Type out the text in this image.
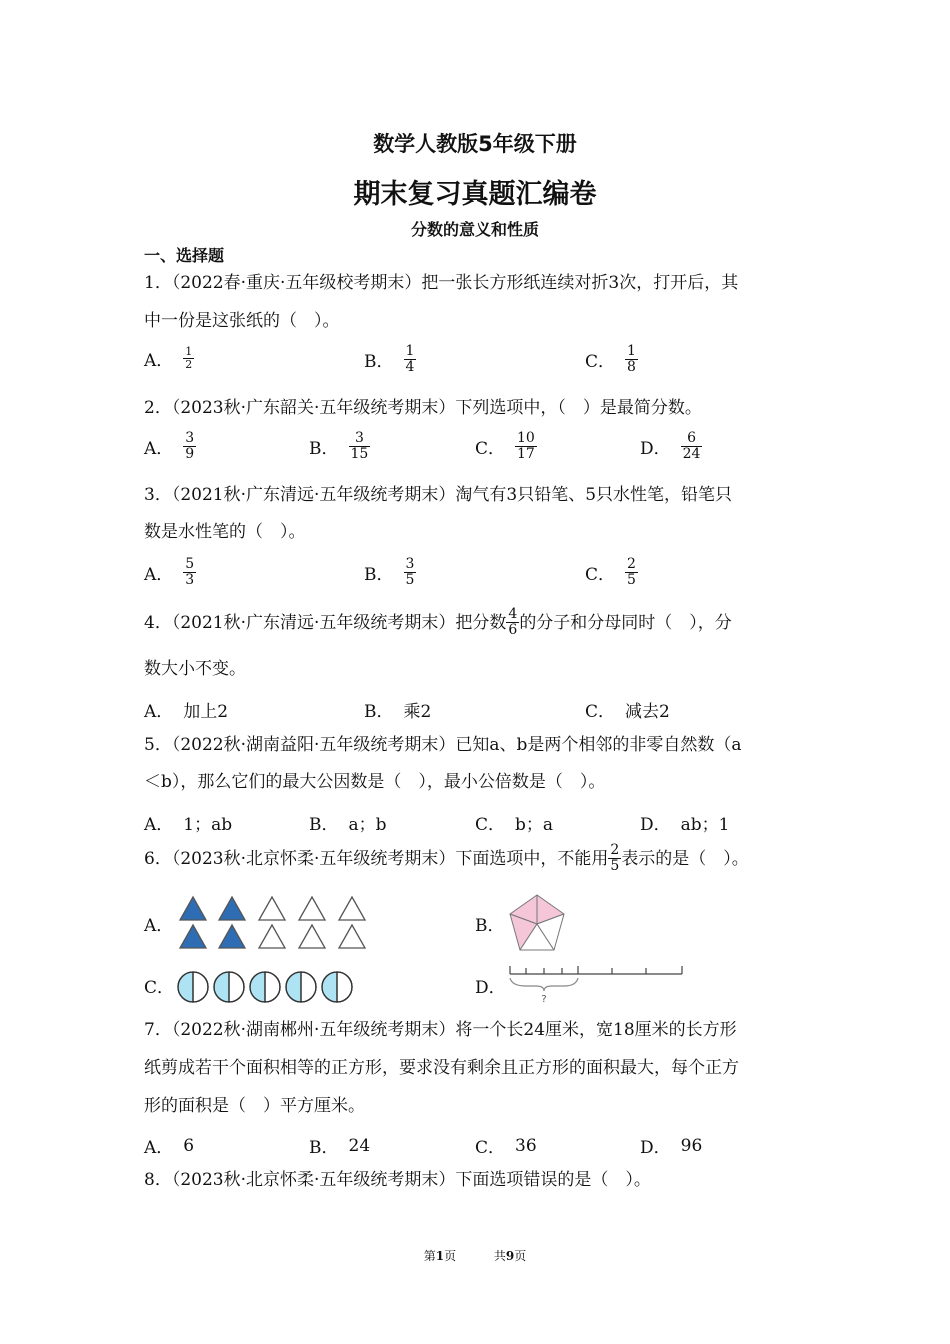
数学人教版5年级下册
期末复习真题汇编卷
分数的意义和性质
一、选择题
1．（2022春·重庆·五年级校考期末）把一张长方形纸连续对折3次，打开后，其
中一份是这张纸的（　）。
A． $\frac{1}{2}$	B． $\frac{1}{4}$	C． $\frac{1}{8}$
2．（2023秋·广东韶关·五年级统考期末）下列选项中，（　）是最简分数。
A． $\frac{3}{9}$	B． $\frac{3}{15}$	C． $\frac{10}{17}$	D． $\frac{6}{24}$
3．（2021秋·广东清远·五年级统考期末）淘气有3只铅笔、5只水性笔，铅笔只
数是水性笔的（　）。
A． $\frac{5}{3}$	B． $\frac{3}{5}$	C． $\frac{2}{5}$
4．（2021秋·广东清远·五年级统考期末）把分数 $\frac{4}{6}$ 的分子和分母同时（　），分
数大小不变。
A． 加上2	B． 乘2	C． 减去2
5．（2022秋·湖南益阳·五年级统考期末）已知a、b是两个相邻的非零自然数（a
＜b），那么它们的最大公因数是（　），最小公倍数是（　）。
A． 1；ab	B． a；b	C． b；a	D． ab；1
6．（2023秋·北京怀柔·五年级统考期末）下面选项中，不能用 $\frac{2}{5}$ 表示的是（　）。
A．	B．
C．	D．
?
7．（2022秋·湖南郴州·五年级统考期末）将一个长24厘米，宽18厘米的长方形
纸剪成若干个面积相等的正方形，要求没有剩余且正方形的面积最大，每个正方
形的面积是（　）平方厘米。
A． 6	B． 24	C． 36	D． 96
8．（2023秋·北京怀柔·五年级统考期末）下面选项错误的是（　）。
第1页	共9页
